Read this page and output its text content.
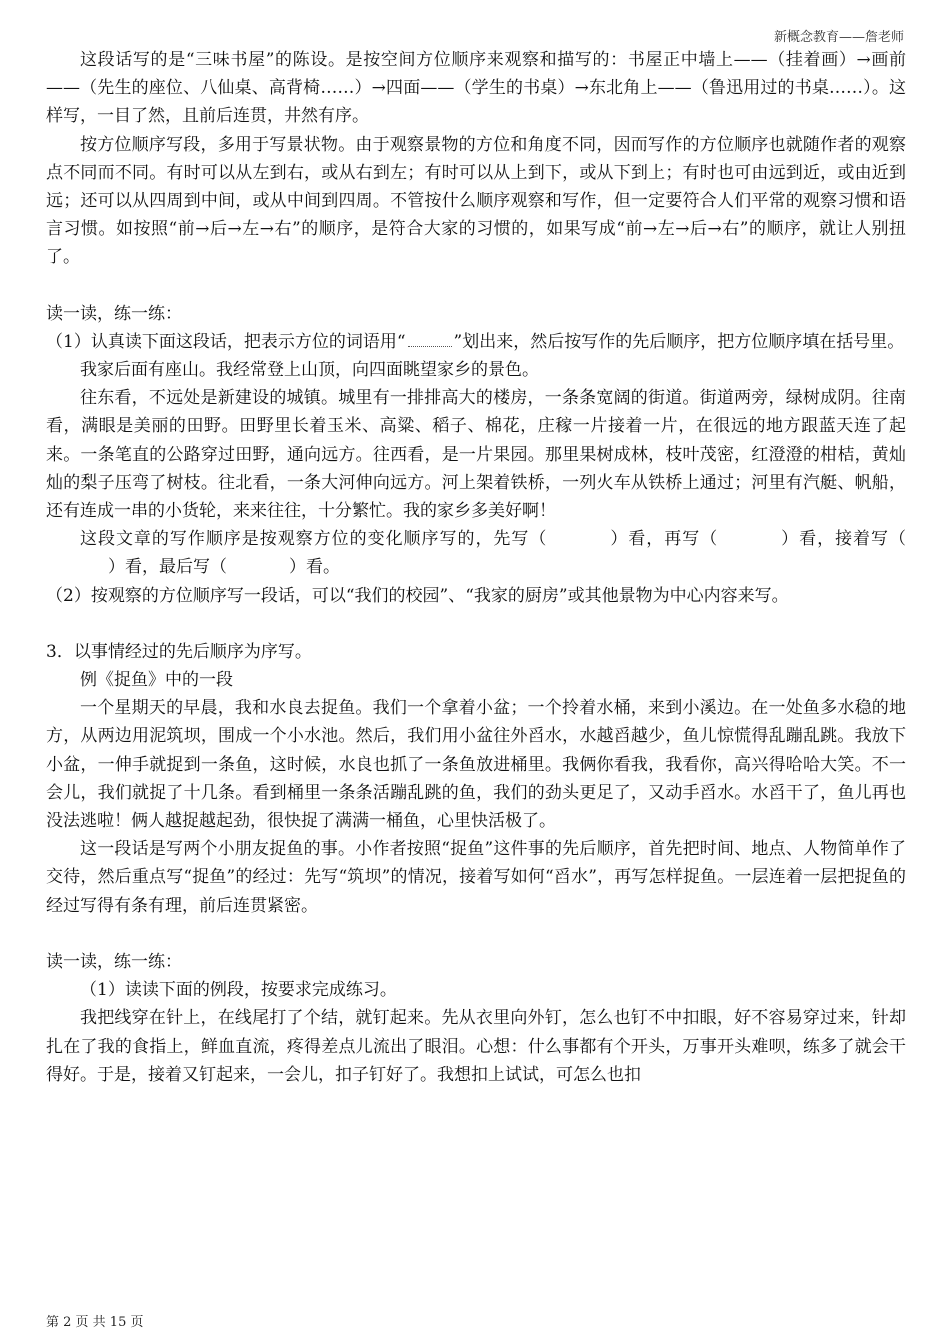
新概念教育——詹老师

这段话写的是“三味书屋”的陈设。是按空间方位顺序来观察和描写的：书屋正中墙上——（挂着画）→画前——（先生的座位、八仙桌、高背椅……）→四面——（学生的书桌）→东北角上——（鲁迅用过的书桌……）。这样写，一目了然，且前后连贯，井然有序。

按方位顺序写段，多用于写景状物。由于观察景物的方位和角度不同，因而写作的方位顺序也就随作者的观察点不同而不同。有时可以从左到右，或从右到左；有时可以从上到下，或从下到上；有时也可由远到近，或由近到远；还可以从四周到中间，或从中间到四周。不管按什么顺序观察和写作，但一定要符合人们平常的观察习惯和语言习惯。如按照“前→后→左→右”的顺序，是符合大家的习惯的，如果写成“前→左→后→右”的顺序，就让人别扭了。

读一读，练一练：

（1）认真读下面这段话，把表示方位的词语用“	”划出来，然后按写作的先后顺序，把方位顺序填在括号里。

我家后面有座山。我经常登上山顶，向四面眺望家乡的景色。

往东看，不远处是新建设的城镇。城里有一排排高大的楼房，一条条宽阔的街道。街道两旁，绿树成阴。往南看，满眼是美丽的田野。田野里长着玉米、高粱、稻子、棉花，庄稼一片接着一片，在很远的地方跟蓝天连了起来。一条笔直的公路穿过田野，通向远方。往西看，是一片果园。那里果树成林，枝叶茂密，红澄澄的柑桔，黄灿灿的梨子压弯了树枝。往北看，一条大河伸向远方。河上架着铁桥，一列火车从铁桥上通过；河里有汽艇、帆船，还有连成一串的小货轮，来来往往，十分繁忙。我的家乡多美好啊！

这段文章的写作顺序是按观察方位的变化顺序写的，先写（	）看，再写（	）看，接着写（）看，最后写（	）看。

（2）按观察的方位顺序写一段话，可以“我们的校园”、“我家的厨房”或其他景物为中心内容来写。

3．以事情经过的先后顺序为序写。

例《捉鱼》中的一段

一个星期天的早晨，我和水良去捉鱼。我们一个拿着小盆；一个拎着水桶，来到小溪边。在一处鱼多水稳的地方，从两边用泥筑坝，围成一个小水池。然后，我们用小盆往外舀水，水越舀越少，鱼儿惊慌得乱蹦乱跳。我放下小盆，一伸手就捉到一条鱼，这时候，水良也抓了一条鱼放进桶里。我俩你看我，我看你，高兴得哈哈大笑。不一会儿，我们就捉了十几条。看到桶里一条条活蹦乱跳的鱼，我们的劲头更足了，又动手舀水。水舀干了，鱼儿再也没法逃啦！俩人越捉越起劲，很快捉了满满一桶鱼，心里快活极了。

这一段话是写两个小朋友捉鱼的事。小作者按照“捉鱼”这件事的先后顺序，首先把时间、地点、人物简单作了交待，然后重点写“捉鱼”的经过：先写“筑坝”的情况，接着写如何“舀水”，再写怎样捉鱼。一层连着一层把捉鱼的经过写得有条有理，前后连贯紧密。

读一读，练一练：

（1）读读下面的例段，按要求完成练习。

我把线穿在针上，在线尾打了个结，就钉起来。先从衣里向外钉，怎么也钉不中扣眼，好不容易穿过来，针却扎在了我的食指上，鲜血直流，疼得差点儿流出了眼泪。心想：什么事都有个开头，万事开头难呗，练多了就会干得好。于是，接着又钉起来，一会儿，扣子钉好了。我想扣上试试，可怎么也扣

第 2 页 共 15 页
